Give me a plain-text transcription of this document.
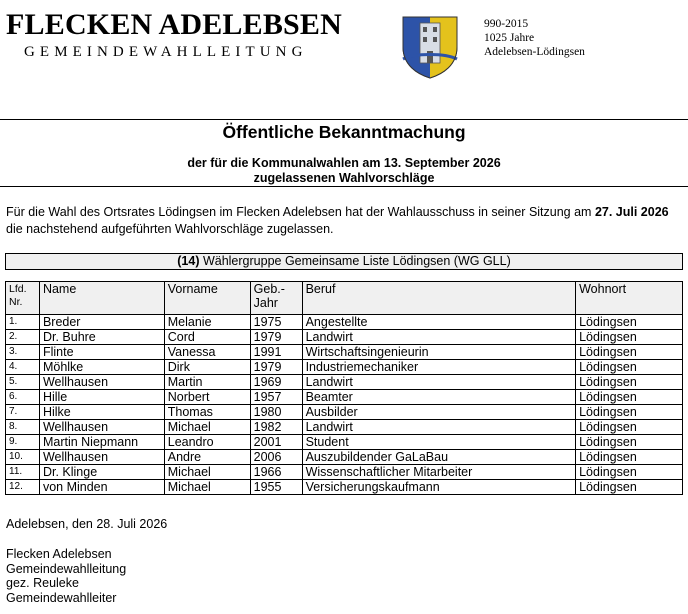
FLECKEN ADELEBSEN
GEMEINDEWAHLLEITUNG
990-2015
1025 Jahre
Adelebsen-Lödingsen
Öffentliche Bekanntmachung
der für die Kommunalwahlen am 13. September 2026
zugelassenen Wahlvorschläge
Für die Wahl des Ortsrates Lödingsen im Flecken Adelebsen hat der Wahlausschuss in seiner Sitzung am 27. Juli 2026 die nachstehend aufgeführten Wahlvorschläge zugelassen.
(14) Wählergruppe Gemeinsame Liste Lödingsen (WG GLL)
Lfd.
Nr.	Name	Vorname	Geb.-
Jahr	Beruf	Wohnort
1.	Breder	Melanie	1975	Angestellte	Lödingsen
2.	Dr. Buhre	Cord	1979	Landwirt	Lödingsen
3.	Flinte	Vanessa	1991	Wirtschaftsingenieurin	Lödingsen
4.	Möhlke	Dirk	1979	Industriemechaniker	Lödingsen
5.	Wellhausen	Martin	1969	Landwirt	Lödingsen
6.	Hille	Norbert	1957	Beamter	Lödingsen
7.	Hilke	Thomas	1980	Ausbilder	Lödingsen
8.	Wellhausen	Michael	1982	Landwirt	Lödingsen
9.	Martin Niepmann	Leandro	2001	Student	Lödingsen
10.	Wellhausen	Andre	2006	Auszubildender GaLaBau	Lödingsen
11.	Dr. Klinge	Michael	1966	Wissenschaftlicher Mitarbeiter	Lödingsen
12.	von Minden	Michael	1955	Versicherungskaufmann	Lödingsen
Adelebsen, den 28. Juli 2026
Flecken Adelebsen
Gemeindewahlleitung
gez. Reuleke
Gemeindewahlleiter
